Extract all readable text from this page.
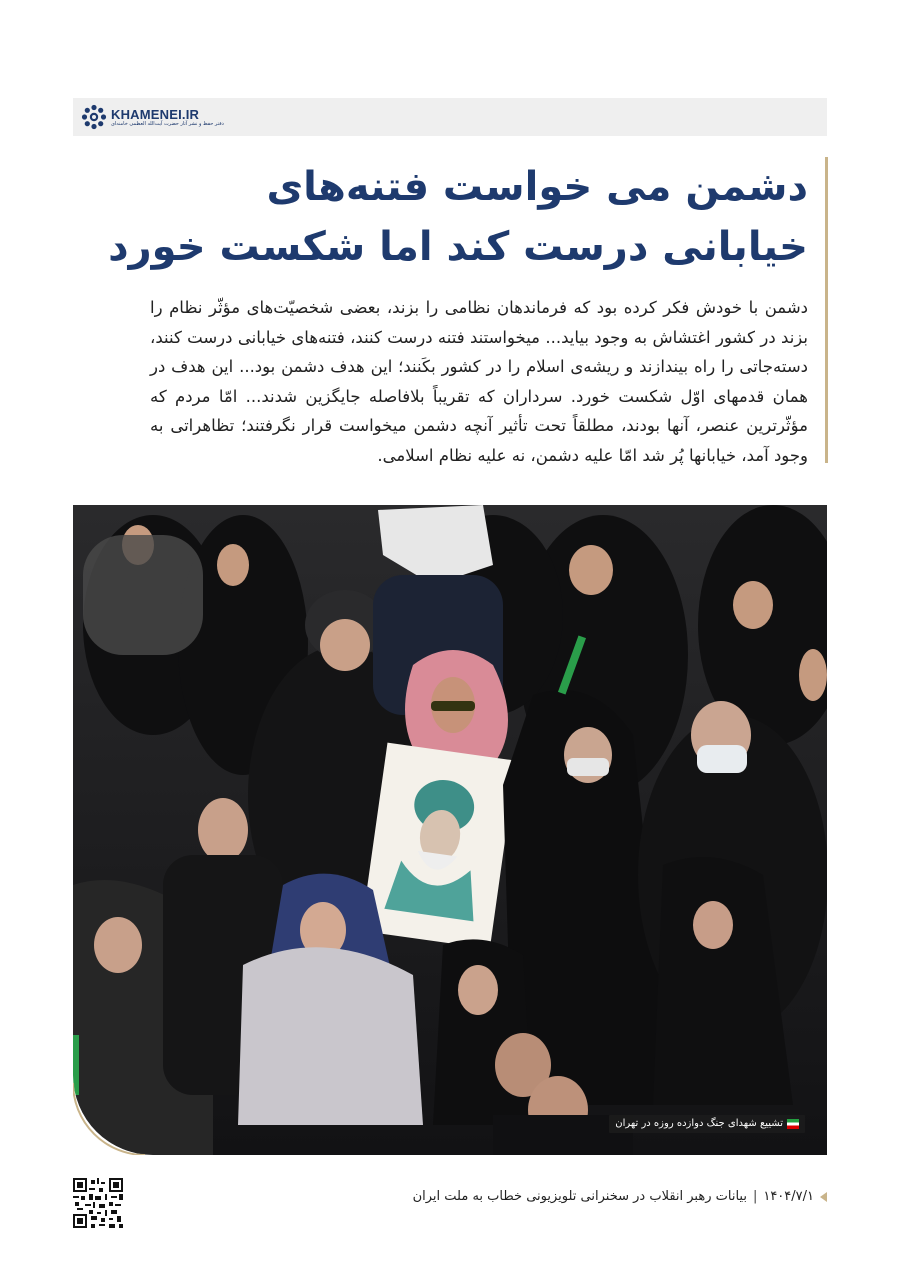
KHAMENEI.IR
دفتر حفظ و نشر آثار حضرت آیت‌الله العظمی خامنه‌ای
دشمن می خواست فتنه‌های
خیابانی درست کند اما شکست خورد

دشمن با خودش فکر کرده بود که فرماندهان نظامی را بزند، بعضی شخصیّت‌های مؤثّر نظام را بزند در کشور اغتشاش به وجود بیاید... میخواستند فتنه درست کنند، فتنه‌های خیابانی درست کنند، دسته‌جاتی را راه بیندازند و ریشه‌ی اسلام را در کشور بکَنند؛ این هدف دشمن بود... این هدف در همان قدمهای اوّل شکست خورد. سرداران که تقریباً بلافاصله جایگزین شدند... امّا مردم که مؤثّرترین عنصر، آنها بودند، مطلقاً تحت تأثیر آنچه دشمن میخواست قرار نگرفتند؛ تظاهراتی به وجود آمد، خیابانها پُر شد امّا علیه دشمن، نه علیه نظام اسلامی.

تشییع شهدای جنگ دوازده روزه در تهران
۱۴۰۴/۷/۱
|
بیانات رهبر انقلاب در سخنرانی تلویزیونی خطاب به ملت ایران
